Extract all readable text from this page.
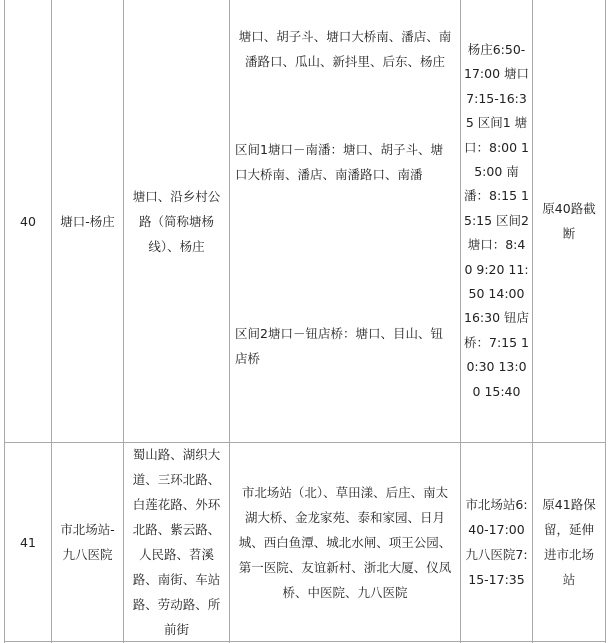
40 塘口-杨庄
塘口、沿乡村公路（简称塘杨线）、杨庄
塘口、胡子斗、塘口大桥南、潘店、南潘路口、瓜山、新抖里、后东、杨庄
区间1塘口－南潘：塘口、胡子斗、塘口大桥南、潘店、南潘路口、南潘
区间2塘口－钮店桥：塘口、目山、钮店桥
杨庄6:50-17:00 塘口7:15-16:35 区间1 塘口：8:00 15:00 南潘：8:15 15:15 区间2 塘口：8:40 9:20 11:50 14:00 16:30 钮店桥：7:15 10:30 13:00 15:40
原40路截断
41
市北场站-九八医院
蜀山路、湖织大道、三环北路、白莲花路、外环北路、紫云路、人民路、苕溪路、南街、车站路、劳动路、所前街
市北场站（北）、草田漾、后庄、南太湖大桥、金龙家苑、泰和家园、日月城、西白鱼潭、城北水闸、项王公园、第一医院、友谊新村、浙北大厦、仪凤桥、中医院、九八医院
市北场站6:40-17:00 九八医院7:15-17:35
原41路保留，延伸进市北场站
